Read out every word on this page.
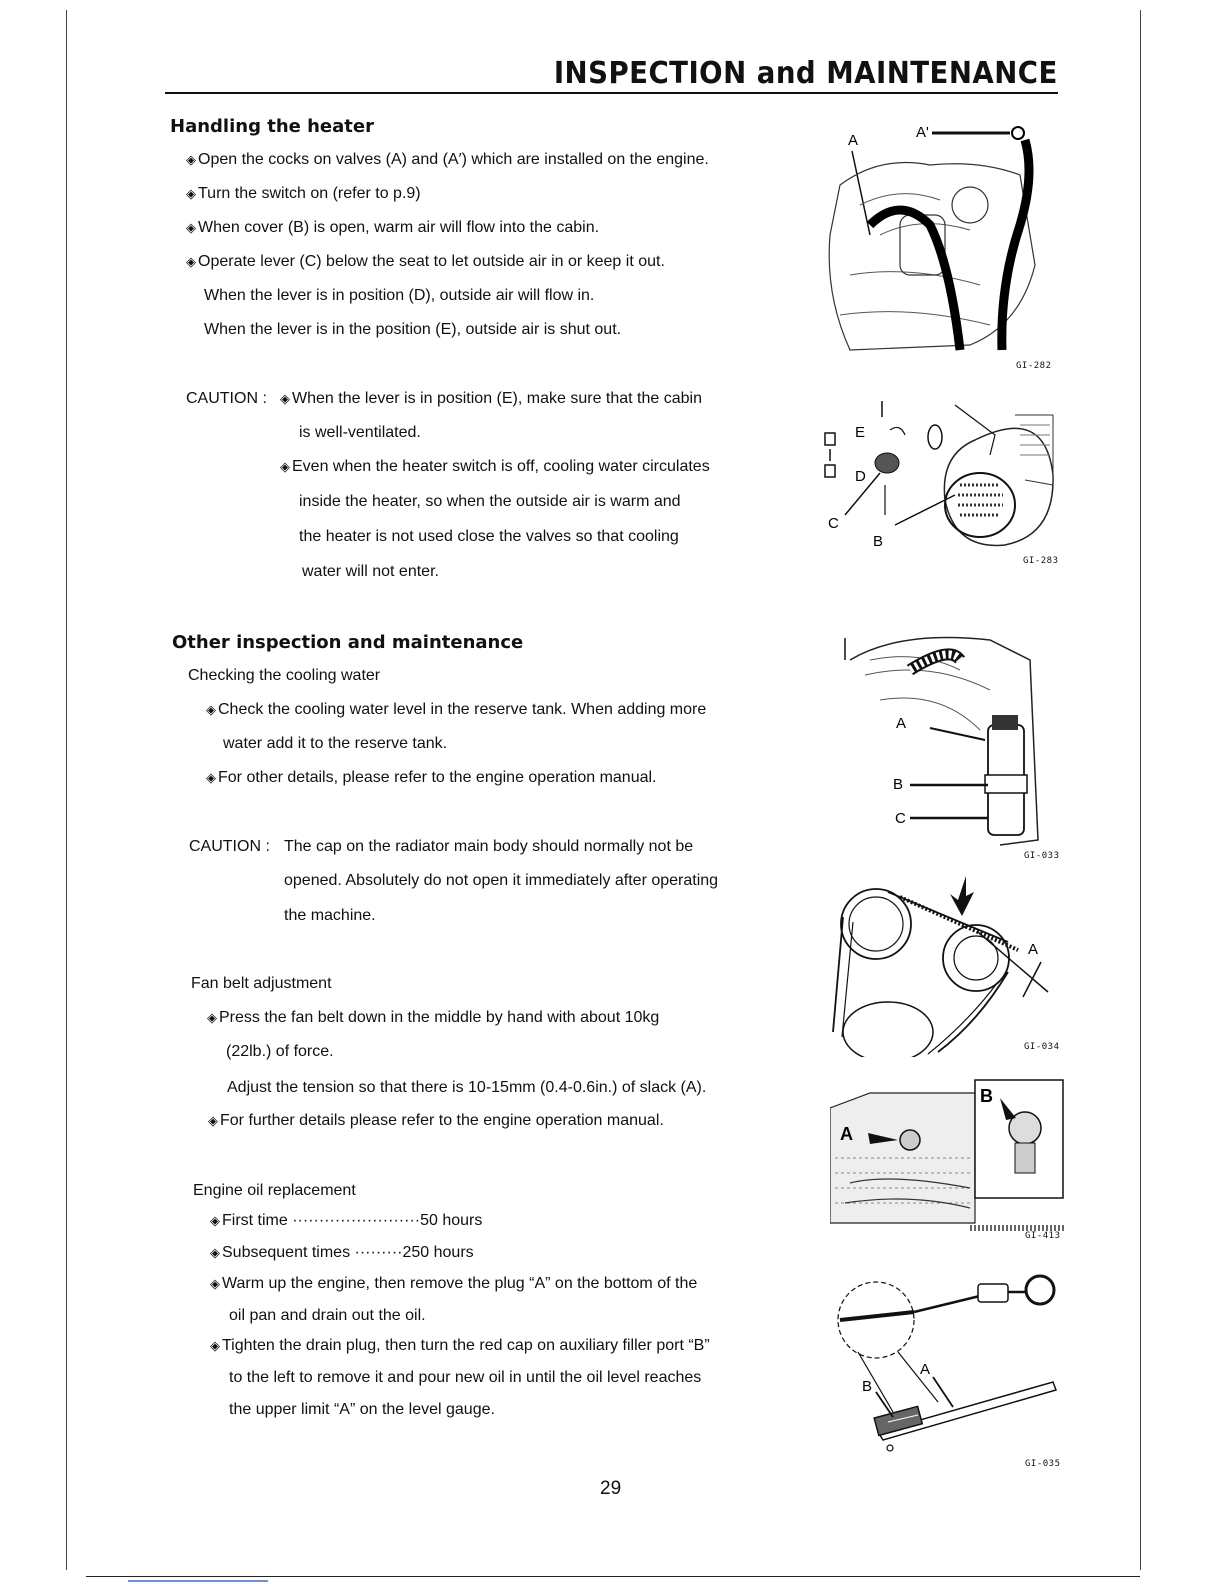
INSPECTION and MAINTENANCE
Handling the heater
◈ Open the cocks on valves (A) and (A′) which are installed on the engine.
◈ Turn the switch on (refer to p.9)
◈ When cover (B) is open, warm air will flow into the cabin.
◈ Operate lever (C) below the seat to let outside air in or keep it out.
When the lever is in position (D), outside air will flow in.
When the lever is in the position (E), outside air is shut out.
CAUTION :
◈	When the lever is in position (E), make sure that the cabin
is well-ventilated.
◈ Even when the heater switch is off, cooling water circulates
inside the heater, so when the outside air is warm and
the heater is not used close the valves so that cooling
water will not enter.
Other inspection and maintenance
Checking the cooling water
◈ Check the cooling water level in the reserve tank. When adding more
water add it to the reserve tank.
◈ For other details, please refer to the engine operation manual.
CAUTION : The cap on the radiator main body should normally not be
opened. Absolutely do not open it immediately after operating
the machine.
Fan belt adjustment
◈ Press the fan belt down in the middle by hand with about 10kg
(22lb.) of force.
Adjust the tension so that there is 10-15mm (0.4-0.6in.) of slack (A).
◈ For further details please refer to the engine operation manual.
Engine oil replacement
◈ First time ························50 hours
◈ Subsequent times ·········250 hours
◈ Warm up the engine, then remove the plug “A” on the bottom of the
oil pan and drain out the oil.
◈ Tighten the drain plug, then turn the red cap on auxiliary filler port “B”
to the left to remove it and pour new oil in until the oil level reaches
the upper limit “A” on the level gauge.
A	A'
GI-282
E
D
C
B
GI-283
A
B
C
GI-033
A
GI-034
A
B
GI-413
A
B
GI-035
29
